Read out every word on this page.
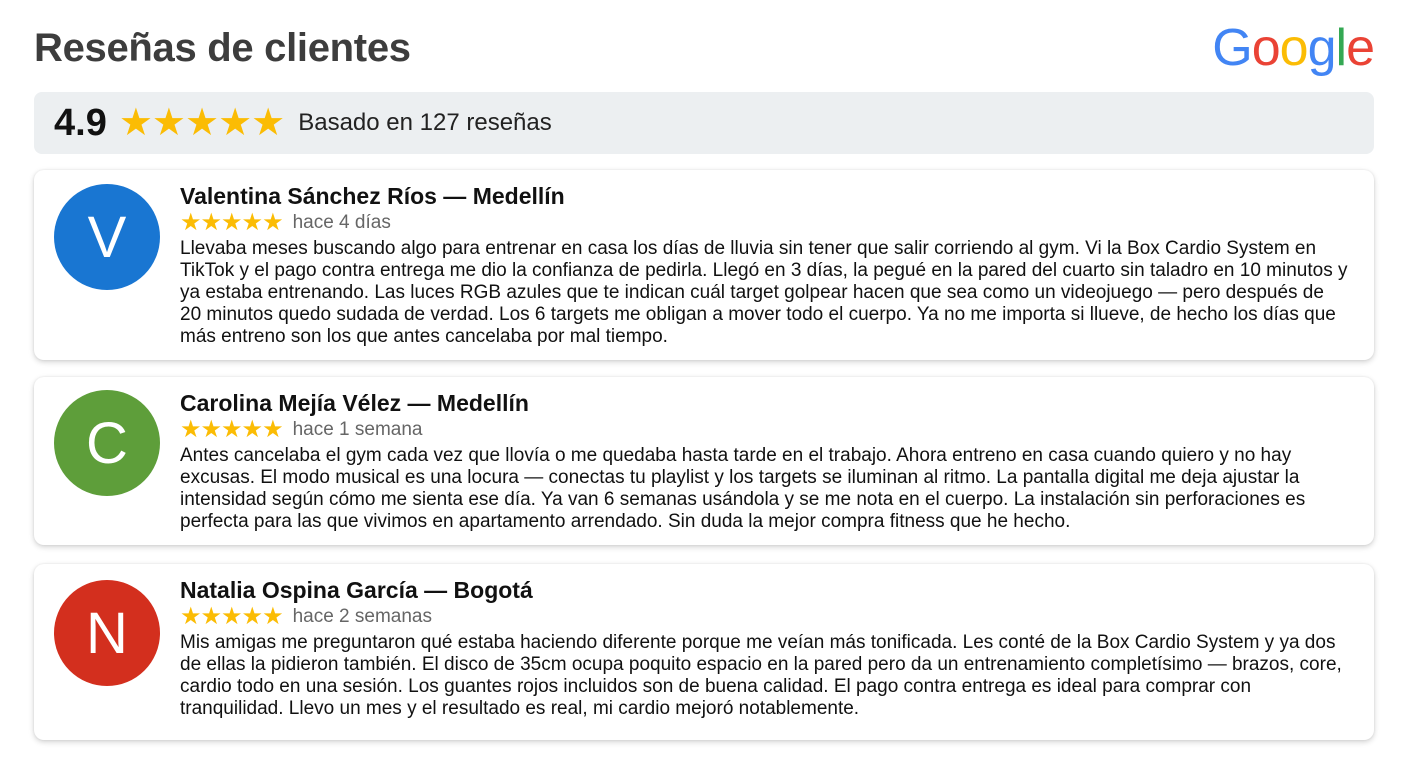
Reseñas de clientes	Google
4.9 ★ ★ ★ ★ ★ Basado en 127 reseñas
V

Valentina Sánchez Ríos — Medellín

★ ★ ★ ★ ★ hace 4 días

Llevaba meses buscando algo para entrenar en casa los días de lluvia sin tener que salir corriendo al gym. Vi la Box Cardio System en TikTok y el pago contra entrega me dio la confianza de pedirla. Llegó en 3 días, la pegué en la pared del cuarto sin taladro en 10 minutos y ya estaba entrenando. Las luces RGB azules que te indican cuál target golpear hacen que sea como un videojuego — pero después de 20 minutos quedo sudada de verdad. Los 6 targets me obligan a mover todo el cuerpo. Ya no me importa si llueve, de hecho los días que más entreno son los que antes cancelaba por mal tiempo.

C

Carolina Mejía Vélez — Medellín

★ ★ ★ ★ ★ hace 1 semana

Antes cancelaba el gym cada vez que llovía o me quedaba hasta tarde en el trabajo. Ahora entreno en casa cuando quiero y no hay excusas. El modo musical es una locura — conectas tu playlist y los targets se iluminan al ritmo. La pantalla digital me deja ajustar la intensidad según cómo me sienta ese día. Ya van 6 semanas usándola y se me nota en el cuerpo. La instalación sin perforaciones es perfecta para las que vivimos en apartamento arrendado. Sin duda la mejor compra fitness que he hecho.

N

Natalia Ospina García — Bogotá

★ ★ ★ ★ ★ hace 2 semanas

Mis amigas me preguntaron qué estaba haciendo diferente porque me veían más tonificada. Les conté de la Box Cardio System y ya dos de ellas la pidieron también. El disco de 35cm ocupa poquito espacio en la pared pero da un entrenamiento completísimo — brazos, core, cardio todo en una sesión. Los guantes rojos incluidos son de buena calidad. El pago contra entrega es ideal para comprar con tranquilidad. Llevo un mes y el resultado es real, mi cardio mejoró notablemente.
